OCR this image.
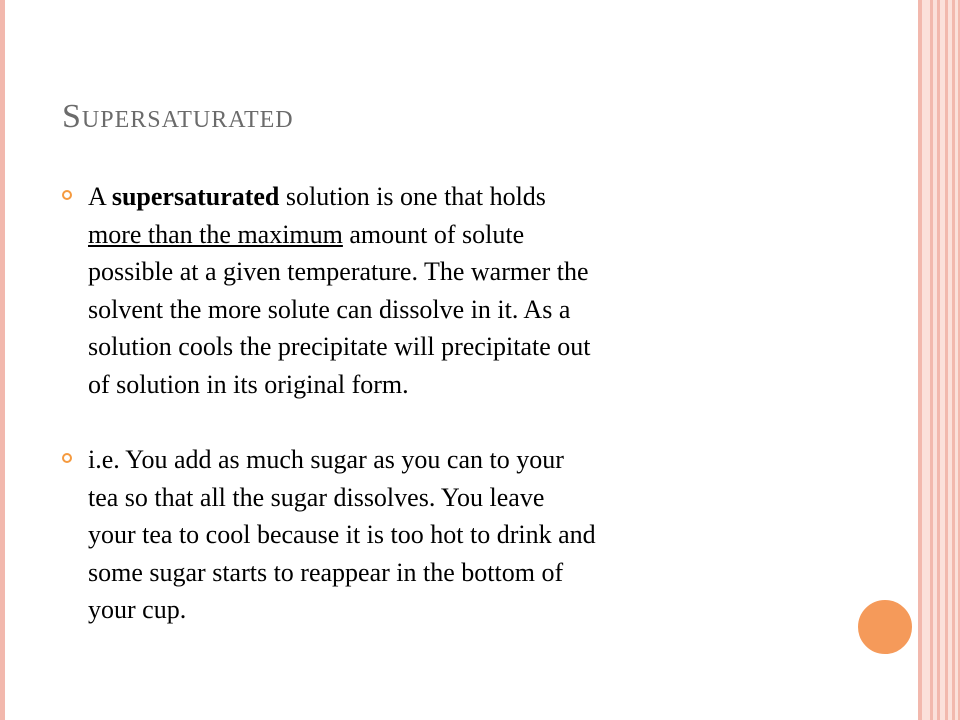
Supersaturated
A supersaturated solution is one that holds
more than the maximum amount of solute
possible at a given temperature. The warmer the
solvent the more solute can dissolve in it. As a
solution cools the precipitate will precipitate out
of solution in its original form.
i.e. You add as much sugar as you can to your
tea so that all the sugar dissolves. You leave
your tea to cool because it is too hot to drink and
some sugar starts to reappear in the bottom of
your cup.
